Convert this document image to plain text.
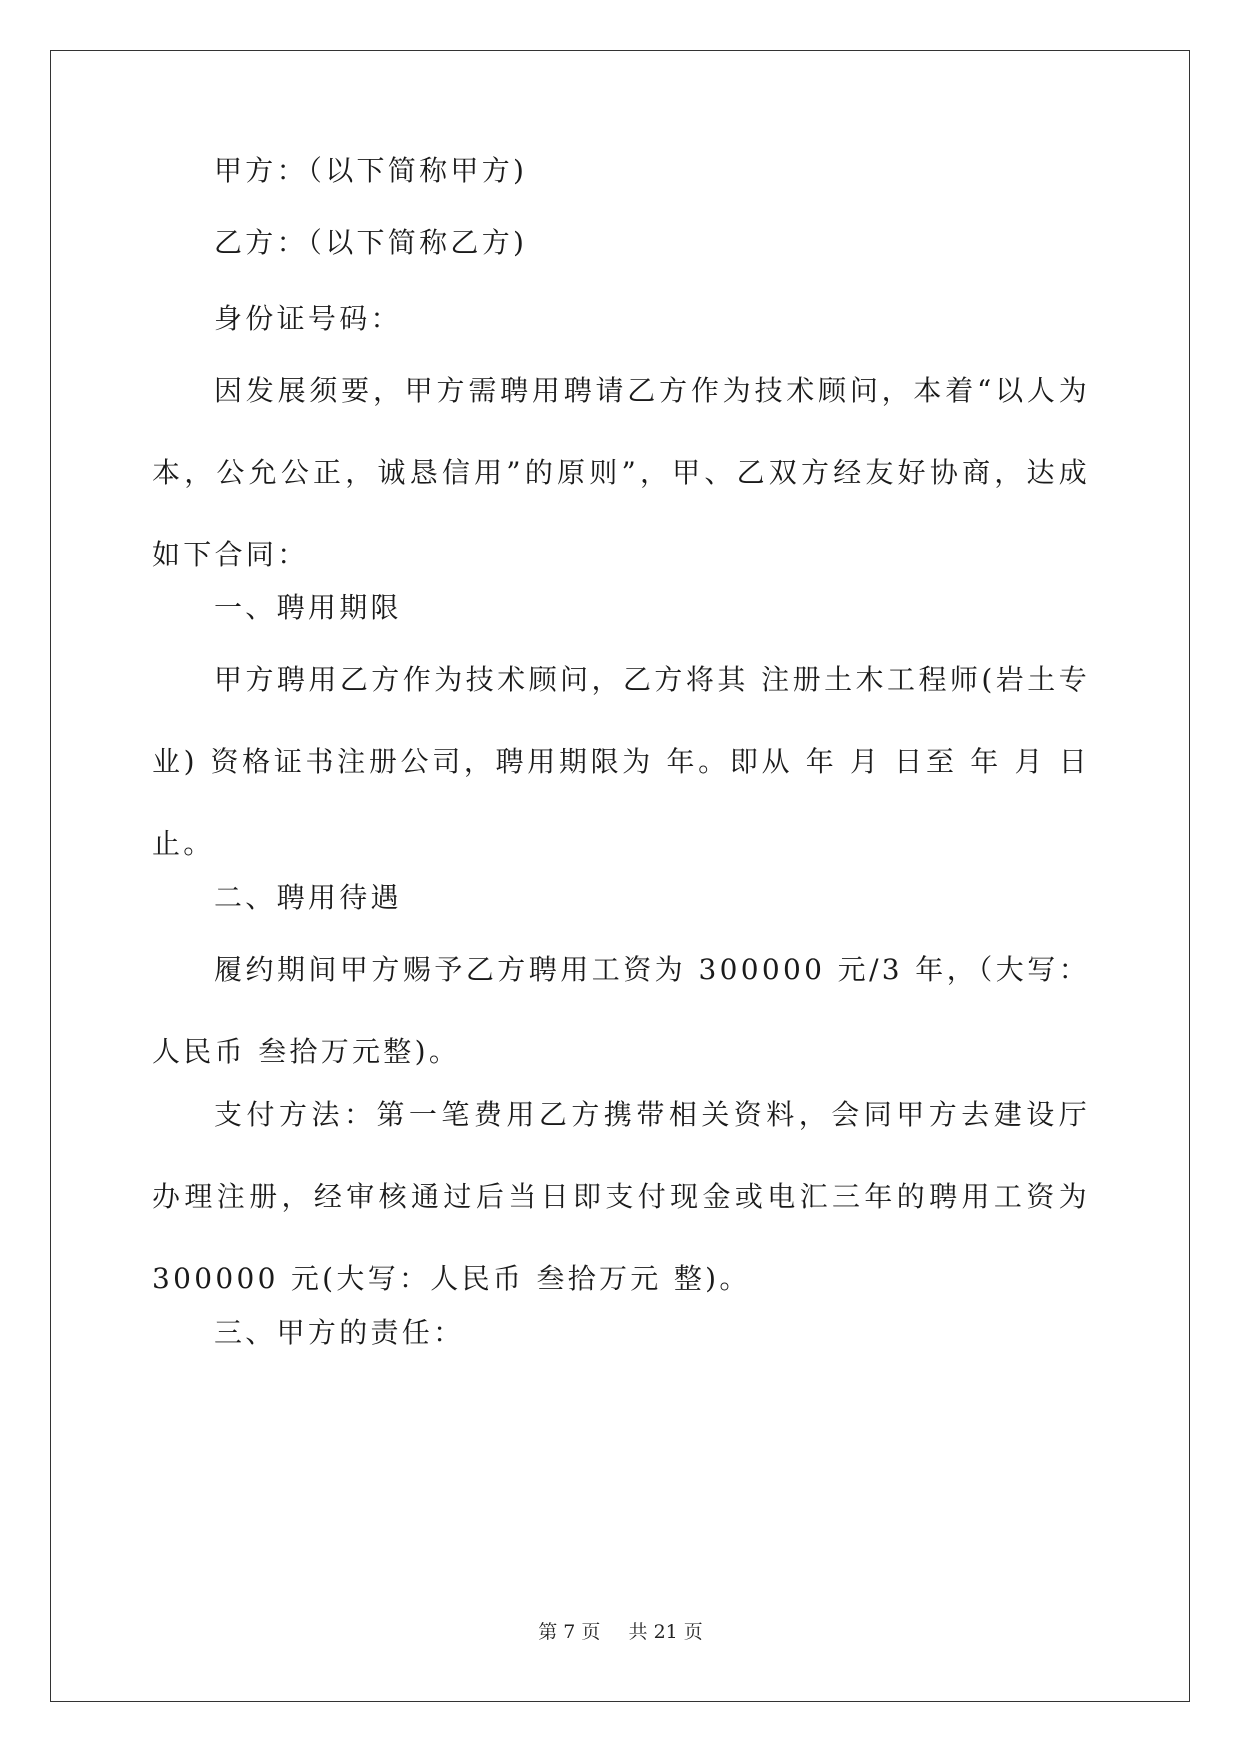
甲方：（以下简称甲方)

乙方：（以下简称乙方)

身份证号码：

因发展须要，甲方需聘用聘请乙方作为技术顾问，本着“以人为本，公允公正，诚恳信用”的原则”，甲、乙双方经友好协商，达成如下合同：

一、聘用期限

甲方聘用乙方作为技术顾问，乙方将其 注册土木工程师(岩土专业) 资格证书注册公司，聘用期限为 年。即从 年 月 日至 年 月 日止。

二、聘用待遇

履约期间甲方赐予乙方聘用工资为 300000 元/3 年，（大写：人民币 叁拾万元整)。

支付方法：第一笔费用乙方携带相关资料，会同甲方去建设厅办理注册，经审核通过后当日即支付现金或电汇三年的聘用工资为 300000 元(大写：人民币 叁拾万元 整)。

三、甲方的责任：

第 7 页 共 21 页
